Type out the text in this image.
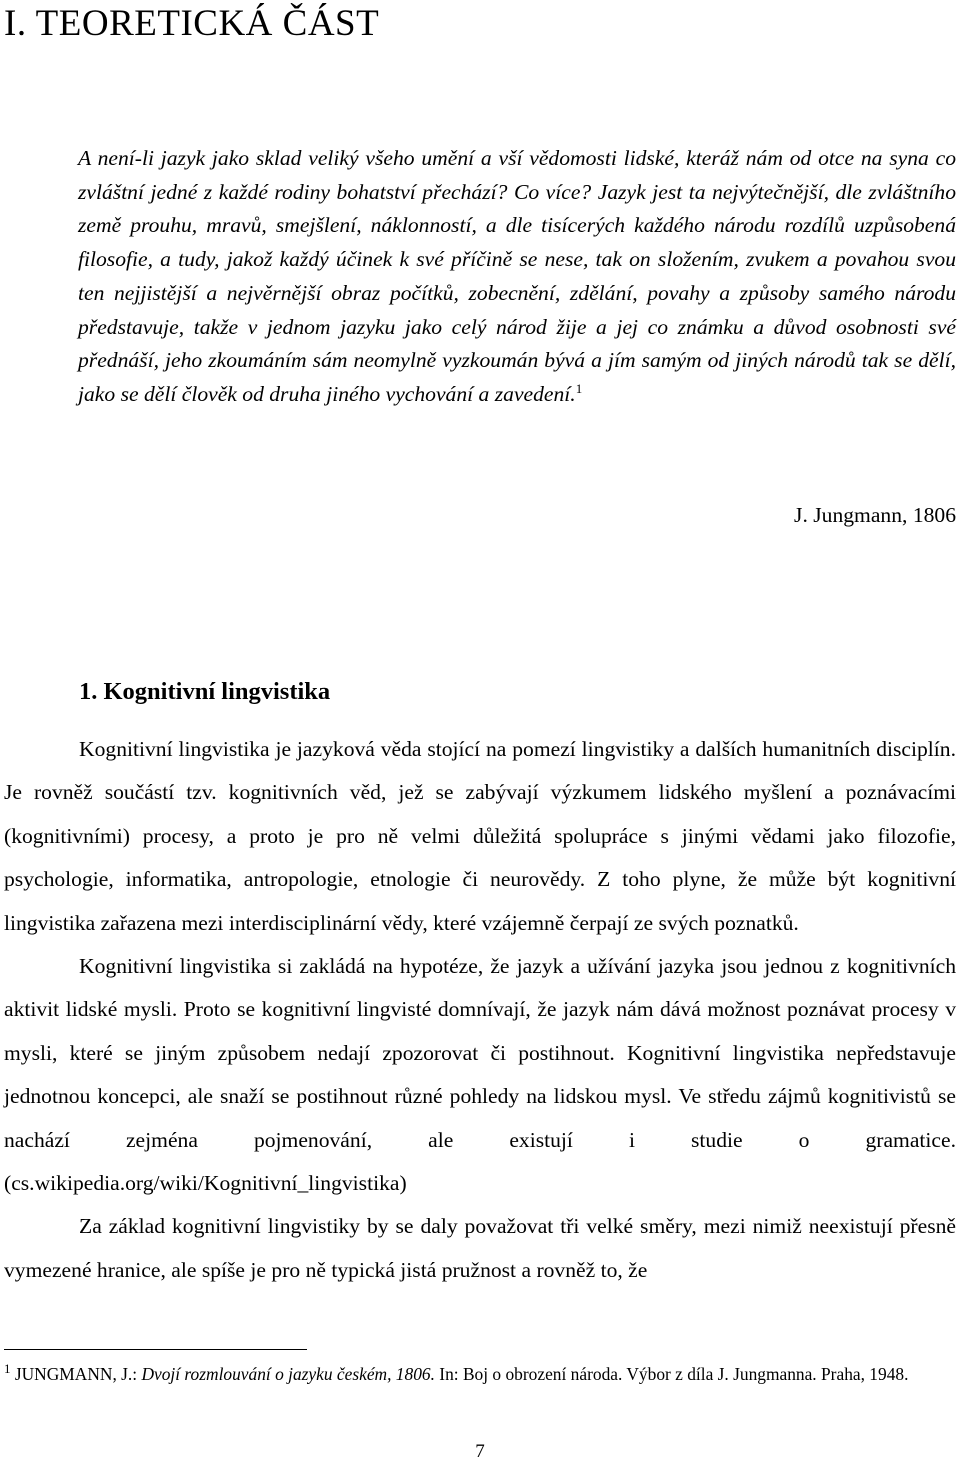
I. TEORETICKÁ ČÁST

A není-li jazyk jako sklad veliký všeho umění a vší vědomosti lidské, kteráž nám od otce na syna co zvláštní jedné z každé rodiny bohatství přechází? Co více? Jazyk jest ta nejvýtečnější, dle zvláštního země prouhu, mravů, smejšlení, náklonností, a dle tisícerých každého národu rozdílů uzpůsobená filosofie, a tudy, jakož každý účinek k své příčině se nese, tak on složením, zvukem a povahou svou ten nejjistější a nejvěrnější obraz počítků, zobecnění, zdělání, povahy a způsoby samého národu představuje, takže v jednom jazyku jako celý národ žije a jej co známku a důvod osobnosti své přednáší, jeho zkoumáním sám neomylně vyzkoumán bývá a jím samým od jiných národů tak se dělí, jako se dělí člověk od druha jiného vychování a zavedení.$^1$

J. Jungmann, 1806

1. Kognitivní lingvistika

Kognitivní lingvistika je jazyková věda stojící na pomezí lingvistiky a dalších humanitních disciplín. Je rovněž součástí tzv. kognitivních věd, jež se zabývají výzkumem lidského myšlení a poznávacími (kognitivními) procesy, a proto je pro ně velmi důležitá spolupráce s jinými vědami jako filozofie, psychologie, informatika, antropologie, etnologie či neurovědy. Z toho plyne, že může být kognitivní lingvistika zařazena mezi interdisciplinární vědy, které vzájemně čerpají ze svých poznatků.

Kognitivní lingvistika si zakládá na hypotéze, že jazyk a užívání jazyka jsou jednou z kognitivních aktivit lidské mysli. Proto se kognitivní lingvisté domnívají, že jazyk nám dává možnost poznávat procesy v mysli, které se jiným způsobem nedají zpozorovat či postihnout. Kognitivní lingvistika nepředstavuje jednotnou koncepci, ale snaží se postihnout různé pohledy na lidskou mysl. Ve středu zájmů kognitivistů se nachází zejména pojmenování, ale existují i studie o gramatice. (cs.wikipedia.org/wiki/Kognitivní_lingvistika)

Za základ kognitivní lingvistiky by se daly považovat tři velké směry, mezi nimiž neexistují přesně vymezené hranice, ale spíše je pro ně typická jistá pružnost a rovněž to, že

$^1$ JUNGMANN, J.: Dvojí rozmlouvání o jazyku českém, 1806. In: Boj o obrození národa. Výbor z díla J. Jungmanna. Praha, 1948.

7
